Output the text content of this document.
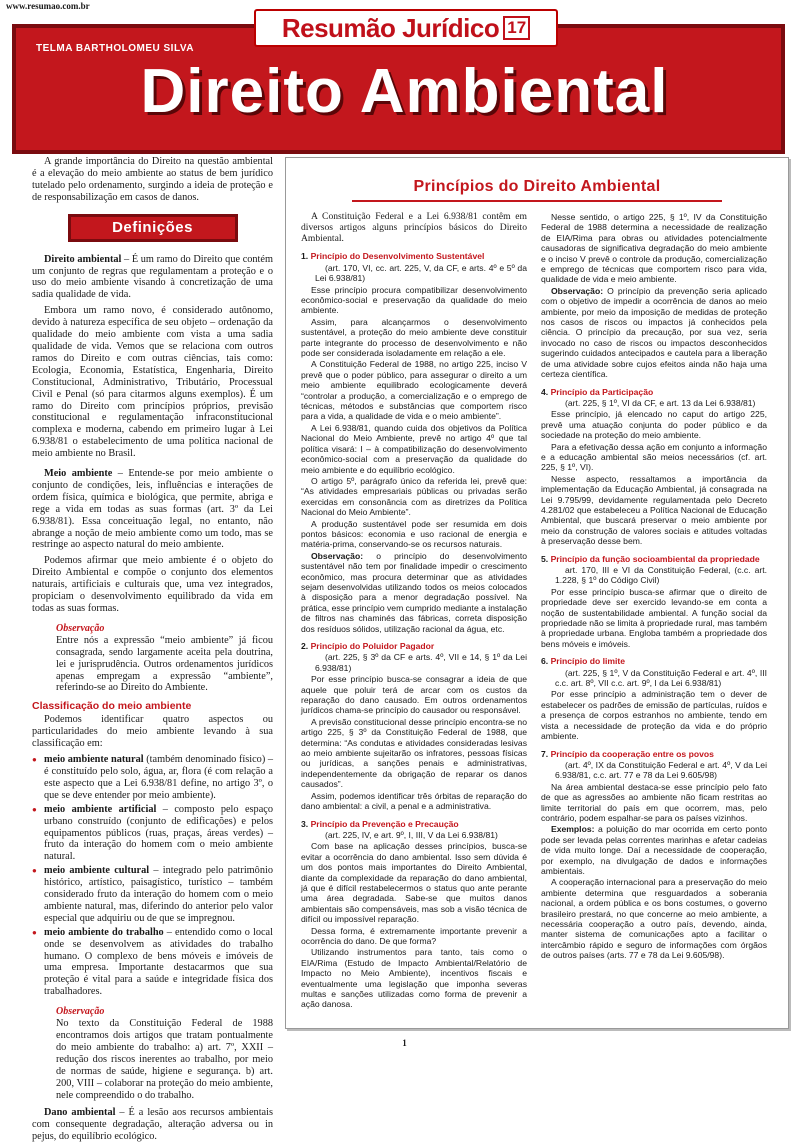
www.resumao.com.br
Resumão Jurídico 17
TELMA BARTHOLOMEU SILVA
Direito Ambiental

A grande importância do Direito na questão ambiental é a elevação do meio ambiente ao status de bem jurídico tutelado pelo ordenamento, surgindo a ideia de proteção e de responsabilização em casos de danos.

Definições

Direito ambiental – É um ramo do Direito que contém um conjunto de regras que regulamentam a proteção e o uso do meio ambiente visando à concretização de uma sadia qualidade de vida.

Embora um ramo novo, é considerado autônomo, devido à natureza específica de seu objeto – ordenação da qualidade do meio ambiente com vista a uma sadia qualidade de vida. Vemos que se relaciona com outros ramos do Direito e com outras ciências, tais como: Ecologia, Economia, Estatística, Engenharia, Direito Constitucional, Administrativo, Tributário, Processual Civil e Penal (só para citarmos alguns exemplos). É um ramo do Direito com princípios próprios, previsão constitucional e regulamentação infraconstitucional complexa e moderna, cabendo em primeiro lugar à Lei 6.938/81 o estabelecimento de uma política nacional de meio ambiente no Brasil.

Meio ambiente – Entende-se por meio ambiente o conjunto de condições, leis, influências e interações de ordem física, química e biológica, que permite, abriga e rege a vida em todas as suas formas (art. 3º da Lei 6.938/81). Essa conceituação legal, no entanto, não abrange a noção de meio ambiente como um todo, mas se restringe ao aspecto natural do meio ambiente.

Podemos afirmar que meio ambiente é o objeto do Direito Ambiental e compõe o conjunto dos elementos naturais, artificiais e culturais que, uma vez integrados, propiciam o desenvolvimento equilibrado da vida em todas as suas formas.

Observação
Entre nós a expressão “meio ambiente” já ficou consagrada, sendo largamente aceita pela doutrina, lei e jurisprudência. Outros ordenamentos jurídicos apenas empregam a expressão “ambiente”, referindo-se ao Direito do Ambiente.
Classificação do meio ambiente

Podemos identificar quatro aspectos ou particularidades do meio ambiente levando à sua classificação em:

● meio ambiente natural (também denominado físico) – é constituído pelo solo, água, ar, flora (é com relação a este aspecto que a Lei 6.938/81 define, no artigo 3º, o que se deve entender por meio ambiente).
● meio ambiente artificial – composto pelo espaço urbano construído (conjunto de edificações) e pelos equipamentos públicos (ruas, praças, áreas verdes) – fruto da interação do homem com o meio ambiente natural.
● meio ambiente cultural – integrado pelo patrimônio histórico, artístico, paisagístico, turístico – também considerado fruto da interação do homem com o meio ambiente natural, mas, diferindo do anterior pelo valor especial que adquiriu ou de que se impregnou.
● meio ambiente do trabalho – entendido como o local onde se desenvolvem as atividades do trabalho humano. O complexo de bens móveis e imóveis de uma empresa. Importante destacarmos que sua proteção é vital para a saúde e integridade física dos trabalhadores.
Observação
No texto da Constituição Federal de 1988 encontramos dois artigos que tratam pontualmente do meio ambiente do trabalho: a) art. 7º, XXII – redução dos riscos inerentes ao trabalho, por meio de normas de saúde, higiene e segurança. b) art. 200, VIII – colaborar na proteção do meio ambiente, nele compreendido o do trabalho.

Dano ambiental – É a lesão aos recursos ambientais com consequente degradação, alteração adversa ou in pejus, do equilíbrio ecológico.

Princípios do Direito Ambiental

A Constituição Federal e a Lei 6.938/81 contêm em diversos artigos alguns princípios básicos do Direito Ambiental.

1. Princípio do Desenvolvimento Sustentável

(art. 170, VI, cc. art. 225, V, da CF, e arts. 4º e 5º da Lei 6.938/81)

Esse princípio procura compatibilizar desenvolvimento econômico-social e preservação da qualidade do meio ambiente.

Assim, para alcançarmos o desenvolvimento sustentável, a proteção do meio ambiente deve constituir parte integrante do processo de desenvolvimento e não pode ser considerada isoladamente em relação a ele.

A Constituição Federal de 1988, no artigo 225, inciso V prevê que o poder público, para assegurar o direito a um meio ambiente equilibrado ecologicamente deverá “controlar a produção, a comercialização e o emprego de técnicas, métodos e substâncias que comportem risco para a vida, a qualidade de vida e o meio ambiente”.

A Lei 6.938/81, quando cuida dos objetivos da Política Nacional do Meio Ambiente, prevê no artigo 4º que tal política visará: I – à compatibilização do desenvolvimento econômico-social com a preservação da qualidade do meio ambiente e do equilíbrio ecológico.

O artigo 5º, parágrafo único da referida lei, prevê que: “As atividades empresariais públicas ou privadas serão exercidas em consonância com as diretrizes da Política Nacional do Meio Ambiente”.

A produção sustentável pode ser resumida em dois pontos básicos: economia e uso racional de energia e matéria-prima, conservando-se os recursos naturais.

Observação: o princípio do desenvolvimento sustentável não tem por finalidade impedir o crescimento econômico, mas procura determinar que as atividades sejam desenvolvidas utilizando todos os meios colocados à disposição para a menor degradação possível. Na prática, esse princípio vem cumprido mediante a instalação de filtros nas chaminés das fábricas, correta disposição dos resíduos sólidos, utilização racional da água, etc.

2. Princípio do Poluidor Pagador

(art. 225, § 3º da CF e arts. 4º, VII e 14, § 1º da Lei 6.938/81)

Por esse princípio busca-se consagrar a ideia de que aquele que poluir terá de arcar com os custos da reparação do dano causado. Em outros ordenamentos jurídicos chama-se princípio do causador ou responsável.

A previsão constitucional desse princípio encontra-se no artigo 225, § 3º da Constituição Federal de 1988, que determina: “As condutas e atividades consideradas lesivas ao meio ambiente sujeitarão os infratores, pessoas físicas ou jurídicas, a sanções penais e administrativas, independentemente da obrigação de reparar os danos causados”.

Assim, podemos identificar três órbitas de reparação do dano ambiental: a civil, a penal e a administrativa.

3. Princípio da Prevenção e Precaução

(art. 225, IV, e art. 9º, I, III, V da Lei 6.938/81)

Com base na aplicação desses princípios, busca-se evitar a ocorrência do dano ambiental. Isso sem dúvida é um dos pontos mais importantes do Direito Ambiental, diante da complexidade da reparação do dano ambiental, já que é difícil restabelecermos o status quo ante perante uma área degradada. Sabe-se que muitos danos ambientais são compensáveis, mas sob a visão técnica de difícil ou impossível reparação.

Dessa forma, é extremamente importante prevenir a ocorrência do dano. De que forma?

Utilizando instrumentos para tanto, tais como o EIA/Rima (Estudo de Impacto Ambiental/Relatório de Impacto no Meio Ambiente), incentivos fiscais e eventualmente uma legislação que imponha severas multas e sanções utilizadas como forma de prevenir a ação danosa.

Nesse sentido, o artigo 225, § 1º, IV da Constituição Federal de 1988 determina a necessidade de realização de EIA/Rima para obras ou atividades potencialmente causadoras de significativa degradação do meio ambiente e o inciso V prevê o controle da produção, comercialização e emprego de técnicas que comportem risco para vida, qualidade de vida e meio ambiente.

Observação: O princípio da prevenção seria aplicado com o objetivo de impedir a ocorrência de danos ao meio ambiente, por meio da imposição de medidas de proteção nos casos de riscos ou impactos já conhecidos pela ciência. O princípio da precaução, por sua vez, seria invocado no caso de riscos ou impactos desconhecidos sugerindo cuidados antecipados e cautela para a liberação de uma atividade sobre cujos efeitos ainda não haja uma certeza científica.

4. Princípio da Participação

(art. 225, § 1º, VI da CF, e art. 13 da Lei 6.938/81)

Esse princípio, já elencado no caput do artigo 225, prevê uma atuação conjunta do poder público e da sociedade na proteção do meio ambiente.

Para a efetivação dessa ação em conjunto a informação e a educação ambiental são meios necessários (cf. art. 225, § 1º, VI).

Nesse aspecto, ressaltamos a importância da implementação da Educação Ambiental, já consagrada na Lei 9.795/99, devidamente regulamentada pelo Decreto 4.281/02 que estabeleceu a Política Nacional de Educação Ambiental, que buscará preservar o meio ambiente por meio da construção de valores sociais e atitudes voltadas à preservação desse bem.

5. Princípio da função socioambiental da propriedade

art. 170, III e VI da Constituição Federal, (c.c. art. 1.228, § 1º do Código Civil)

Por esse princípio busca-se afirmar que o direito de propriedade deve ser exercido levando-se em conta a noção de sustentabilidade ambiental. A função social da propriedade não se limita à propriedade rural, mas também à propriedade urbana. Engloba também a propriedade dos bens móveis e imóveis.

6. Princípio do limite

(art. 225, § 1º, V da Constituição Federal e art. 4º, III c.c. art. 8º, VII c.c. art. 9º, I da Lei 6.938/81)

Por esse princípio a administração tem o dever de estabelecer os padrões de emissão de partículas, ruídos e a presença de corpos estranhos no ambiente, tendo em vista a necessidade de proteção da vida e do próprio ambiente.

7. Princípio da cooperação entre os povos

(art. 4º, IX da Constituição Federal e art. 4º, V da Lei 6.938/81, c.c. art. 77 e 78 da Lei 9.605/98)

Na área ambiental destaca-se esse princípio pelo fato de que as agressões ao ambiente não ficam restritas ao limite territorial do país em que ocorrem, mas, pelo contrário, podem espalhar-se para os países vizinhos.

Exemplos: a poluição do mar ocorrida em certo ponto pode ser levada pelas correntes marinhas e afetar cadeias de vida muito longe. Daí a necessidade de cooperação, por exemplo, na divulgação de dados e informações ambientais.

A cooperação internacional para a preservação do meio ambiente determina que resguardados a soberania nacional, a ordem pública e os bons costumes, o governo brasileiro prestará, no que concerne ao meio ambiente, a necessária cooperação a outro país, devendo, ainda, manter sistema de comunicações apto a facilitar o intercâmbio rápido e seguro de informações com órgãos de outros países (arts. 77 e 78 da Lei 9.605/98).

1
